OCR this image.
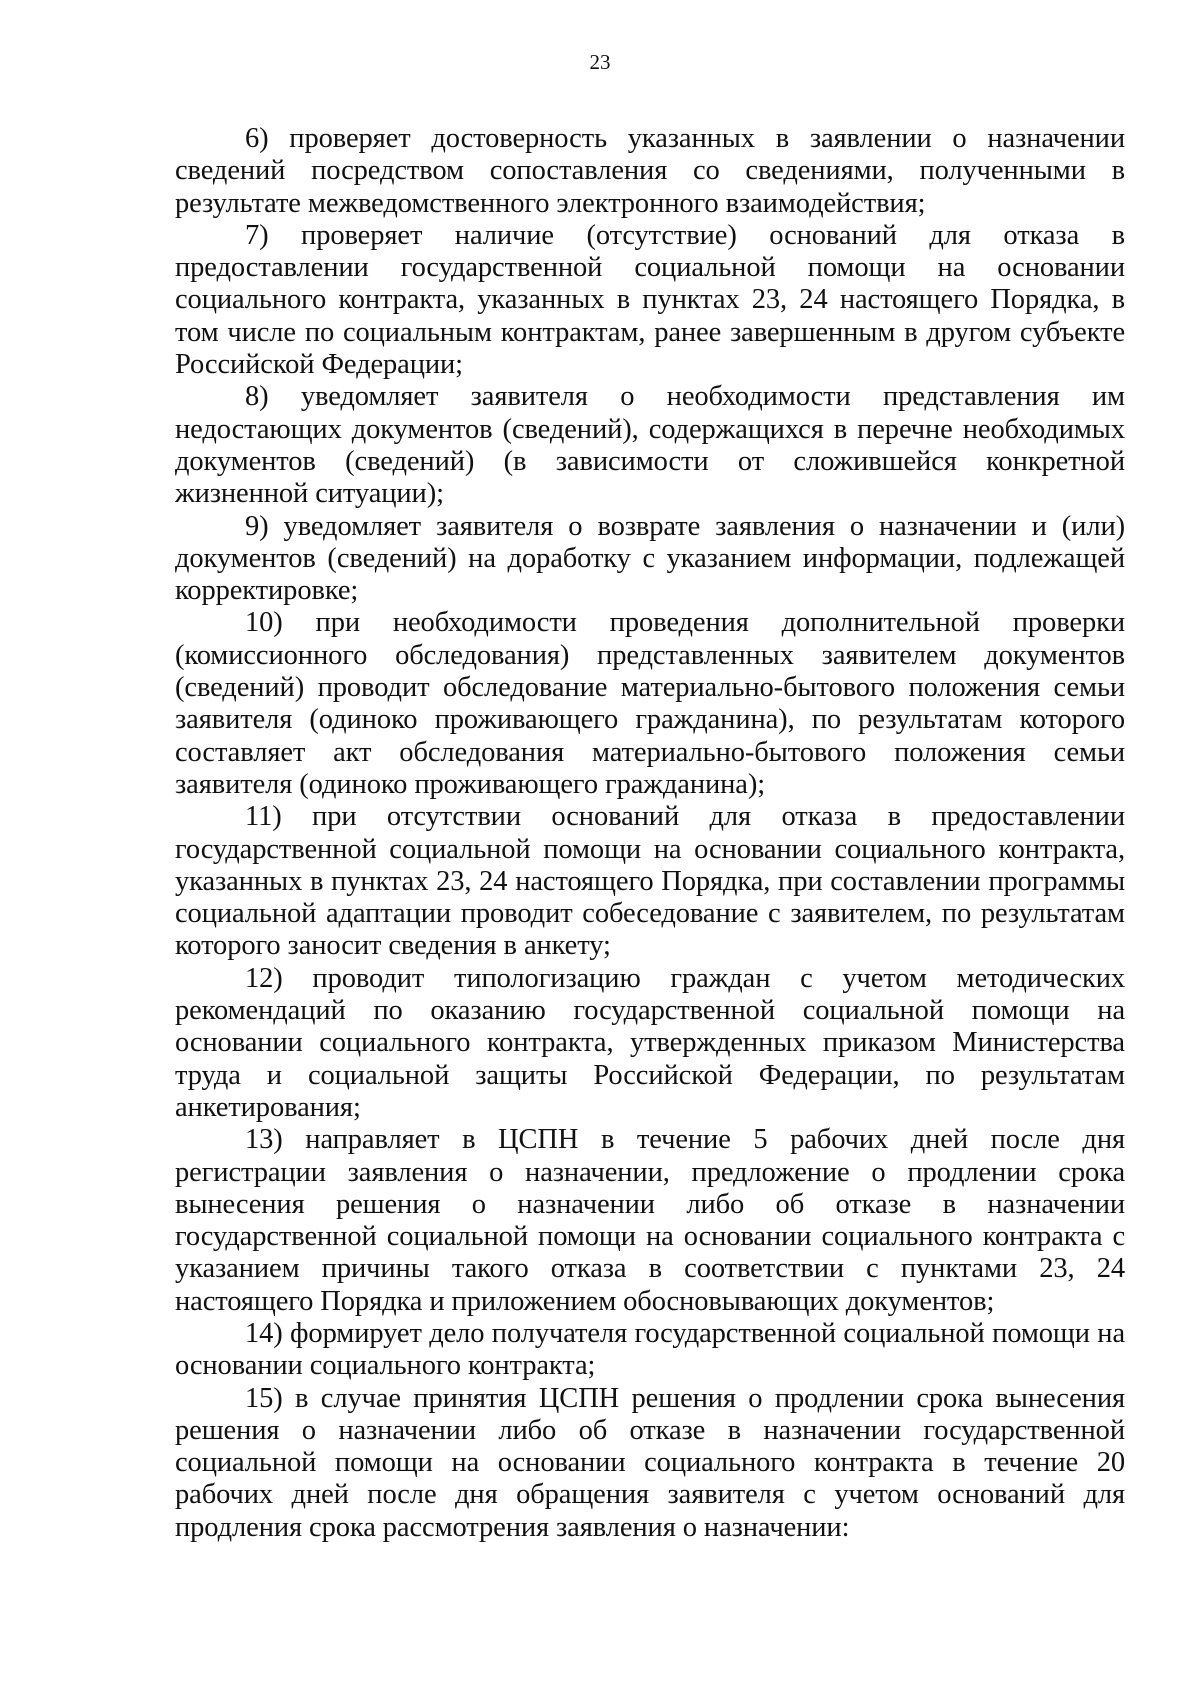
23

6) проверяет достоверность указанных в заявлении о назначении сведений посредством сопоставления со сведениями, полученными в результате межведомственного электронного взаимодействия;

7) проверяет наличие (отсутствие) оснований для отказа в предоставлении государственной социальной помощи на основании социального контракта, указанных в пунктах 23, 24 настоящего Порядка, в том числе по социальным контрактам, ранее завершенным в другом субъекте Российской Федерации;

8) уведомляет заявителя о необходимости представления им недостающих документов (сведений), содержащихся в перечне необходимых документов (сведений) (в зависимости от сложившейся конкретной жизненной ситуации);

9) уведомляет заявителя о возврате заявления о назначении и (или) документов (сведений) на доработку с указанием информации, подлежащей корректировке;

10) при необходимости проведения дополнительной проверки (комиссионного обследования) представленных заявителем документов (сведений) проводит обследование материально-бытового положения семьи заявителя (одиноко проживающего гражданина), по результатам которого составляет акт обследования материально-бытового положения семьи заявителя (одиноко проживающего гражданина);

11) при отсутствии оснований для отказа в предоставлении государственной социальной помощи на основании социального контракта, указанных в пунктах 23, 24 настоящего Порядка, при составлении программы социальной адаптации проводит собеседование с заявителем, по результатам которого заносит сведения в анкету;

12) проводит типологизацию граждан с учетом методических рекомендаций по оказанию государственной социальной помощи на основании социального контракта, утвержденных приказом Министерства труда и социальной защиты Российской Федерации, по результатам анкетирования;

13) направляет в ЦСПН в течение 5 рабочих дней после дня регистрации заявления о назначении, предложение о продлении срока вынесения решения о назначении либо об отказе в назначении государственной социальной помощи на основании социального контракта с указанием причины такого отказа в соответствии с пунктами 23, 24 настоящего Порядка и приложением обосновывающих документов;

14) формирует дело получателя государственной социальной помощи на основании социального контракта;

15) в случае принятия ЦСПН решения о продлении срока вынесения решения о назначении либо об отказе в назначении государственной социальной помощи на основании социального контракта в течение 20 рабочих дней после дня обращения заявителя с учетом оснований для продления срока рассмотрения заявления о назначении:
